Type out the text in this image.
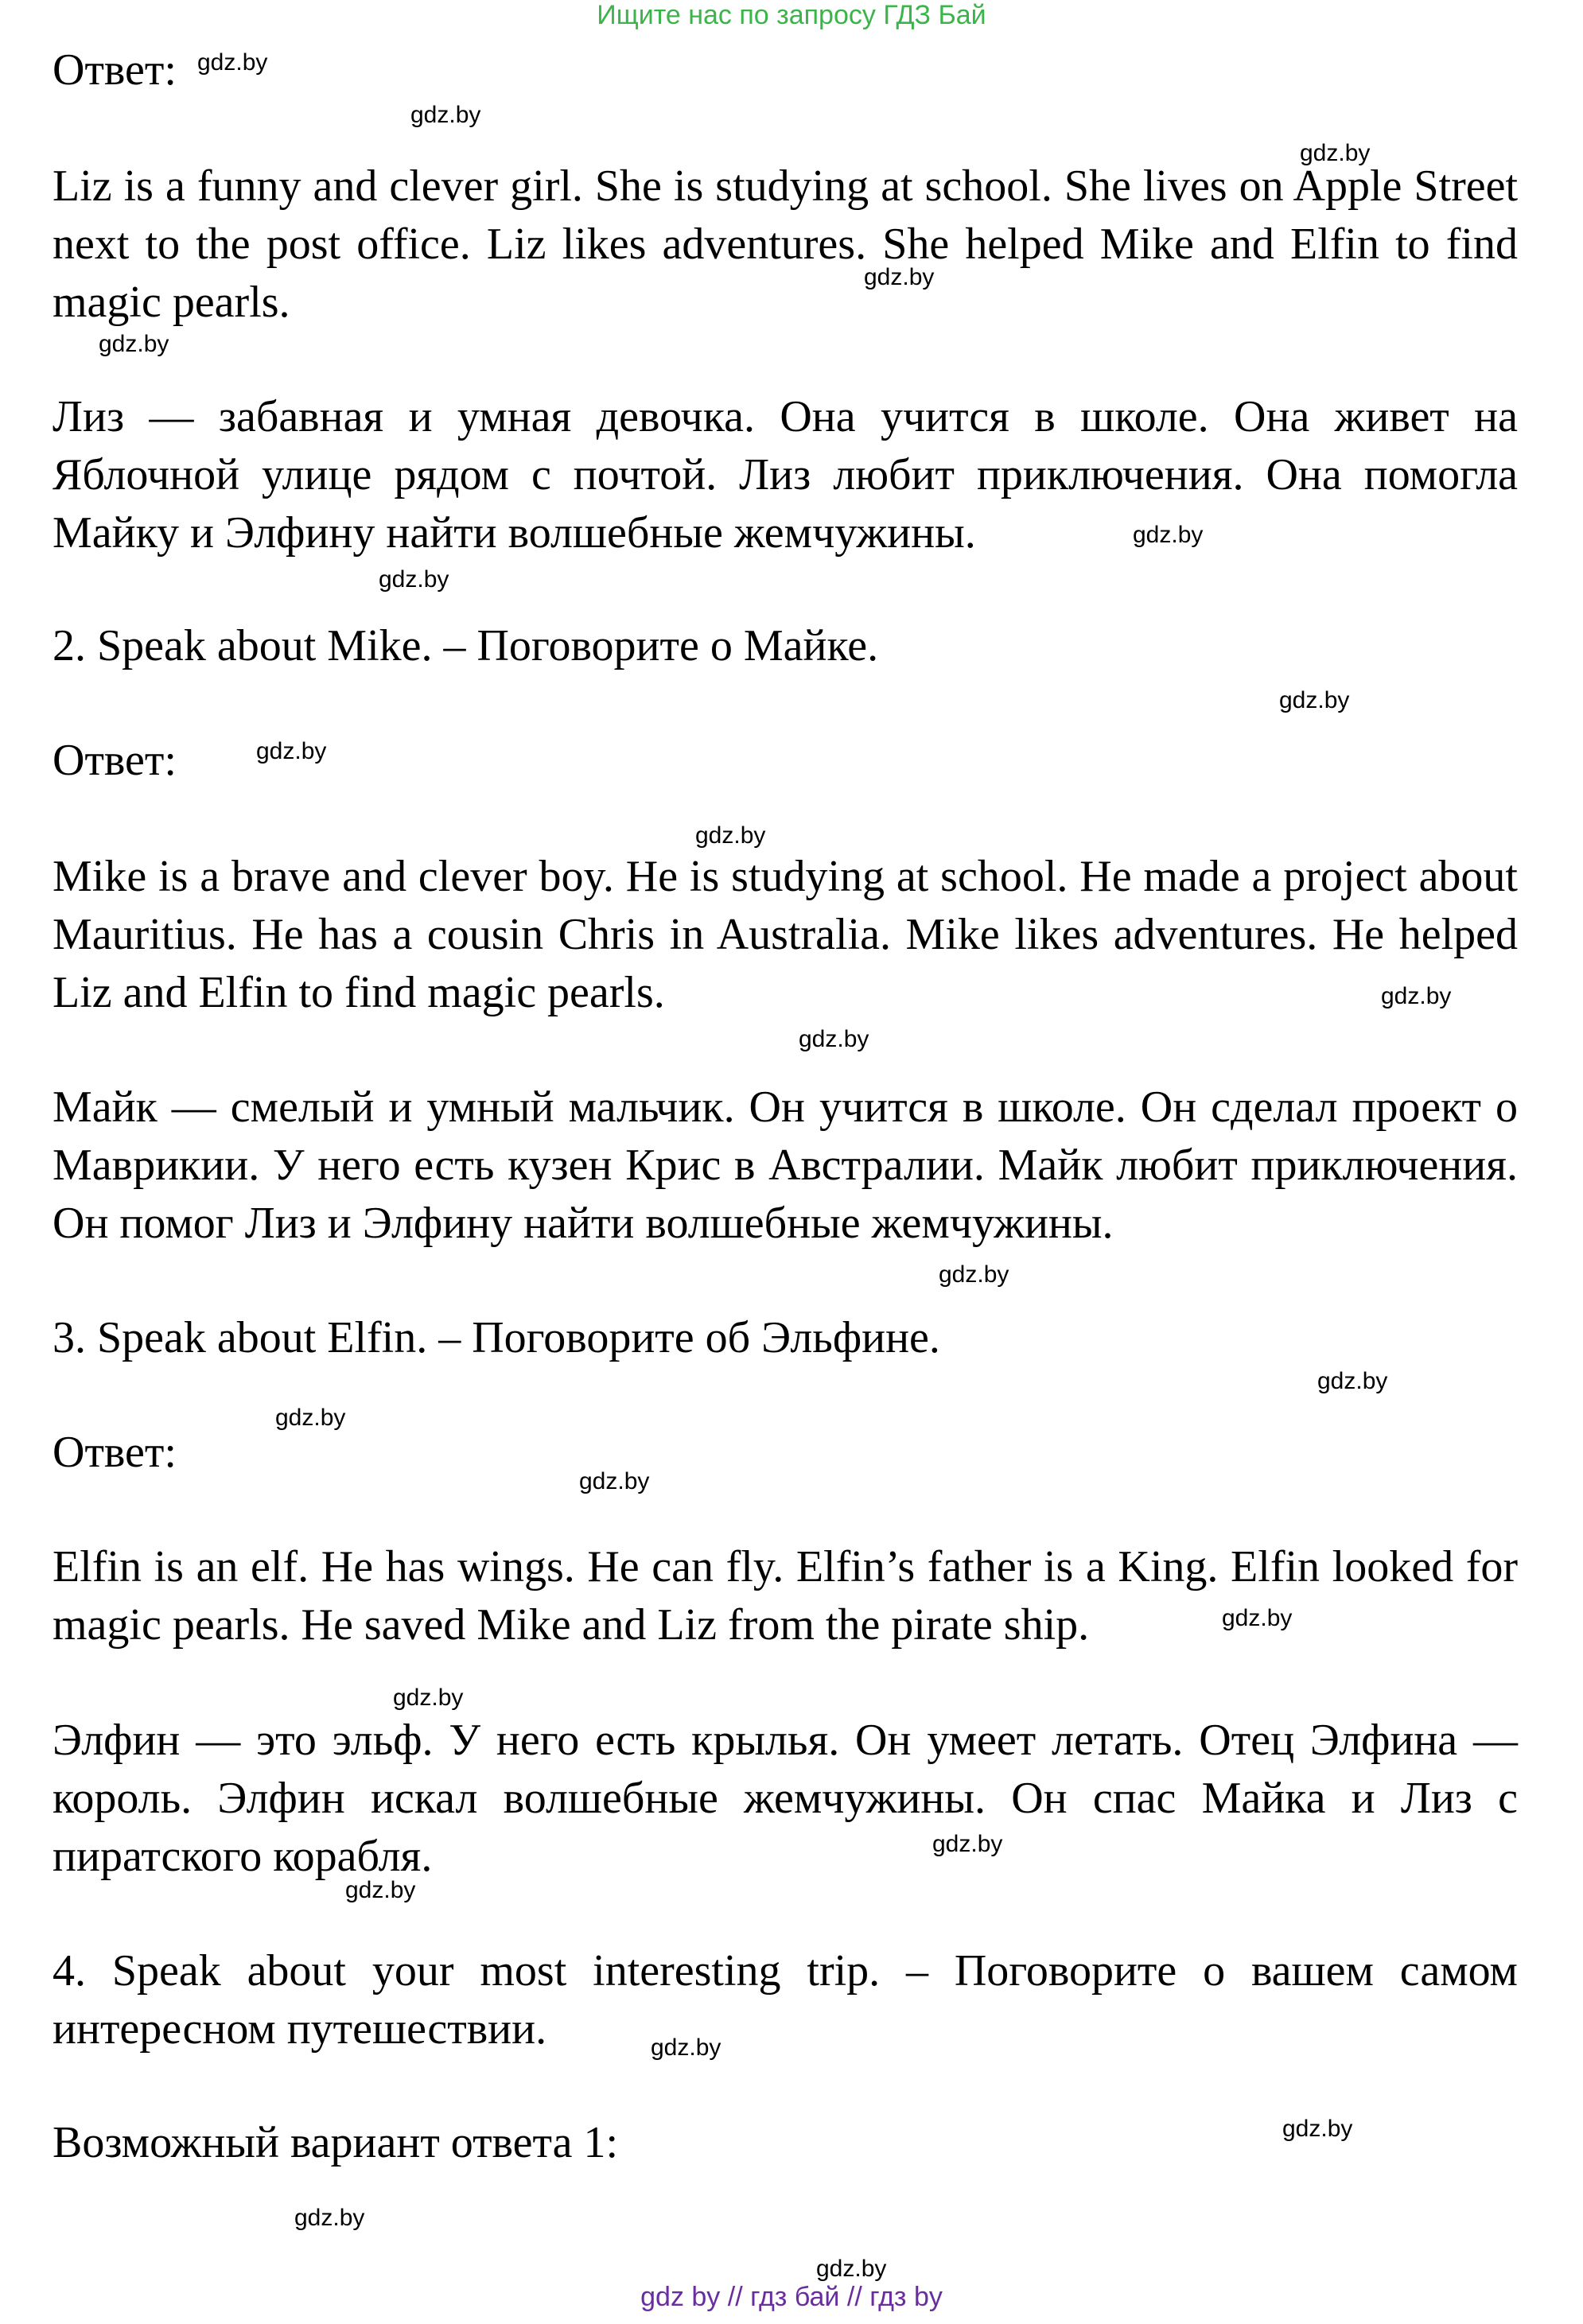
Ищите нас по запросу ГДЗ Бай
Ответ:
Liz is a funny and clever girl. She is studying at school. She lives on Apple Street next to the post office. Liz likes adventures. She helped Mike and Elfin to find magic pearls.
Лиз — забавная и умная девочка. Она учится в школе. Она живет на Яблочной улице рядом с почтой. Лиз любит приключения. Она помогла Майку и Элфину найти волшебные жемчужины.
2. Speak about Mike. – Поговорите о Майке.
Ответ:
Mike is a brave and clever boy. He is studying at school. He made a project about Mauritius. He has a cousin Chris in Australia. Mike likes adventures. He helped Liz and Elfin to find magic pearls.
Майк — смелый и умный мальчик. Он учится в школе. Он сделал проект о Маврикии. У него есть кузен Крис в Австралии. Майк любит приключения. Он помог Лиз и Элфину найти волшебные жемчужины.
3. Speak about Elfin. – Поговорите об Эльфине.
Ответ:
Elfin is an elf. He has wings. He can fly. Elfin’s father is a King. Elfin looked for magic pearls. He saved Mike and Liz from the pirate ship.
Элфин — это эльф. У него есть крылья. Он умеет летать. Отец Элфина — король. Элфин искал волшебные жемчужины. Он спас Майка и Лиз с пиратского корабля.
4. Speak about your most interesting trip. – Поговорите о вашем самом интересном путешествии.
Возможный вариант ответа 1:
gdz.by
gdz.by
gdz.by
gdz.by
gdz.by
gdz.by
gdz.by
gdz.by
gdz.by
gdz.by
gdz.by
gdz.by
gdz.by
gdz.by
gdz.by
gdz.by
gdz.by
gdz.by
gdz.by
gdz.by
gdz.by
gdz.by
gdz.by
gdz.by
gdz by // гдз бай // гдз by
